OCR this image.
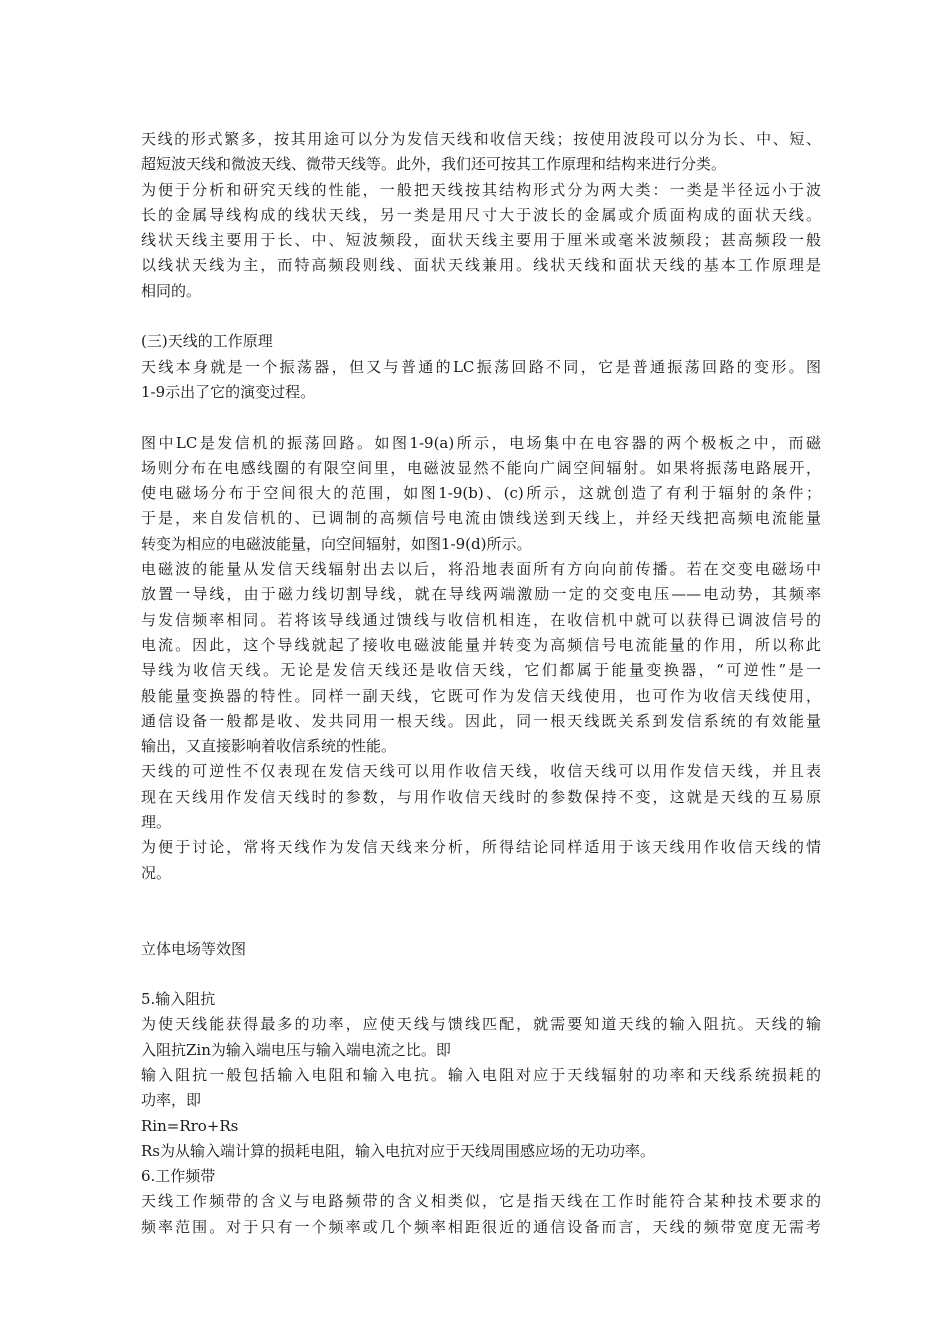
天线的形式繁多，按其用途可以分为发信天线和收信天线；按使用波段可以分为长、中、短、
超短波天线和微波天线、微带天线等。此外，我们还可按其工作原理和结构来进行分类。
为便于分析和研究天线的性能，一般把天线按其结构形式分为两大类：一类是半径远小于波
长的金属导线构成的线状天线，另一类是用尺寸大于波长的金属或介质面构成的面状天线。
线状天线主要用于长、中、短波频段，面状天线主要用于厘米或毫米波频段；甚高频段一般
以线状天线为主，而特高频段则线、面状天线兼用。线状天线和面状天线的基本工作原理是
相同的。
(三)天线的工作原理
天线本身就是一个振荡器，但又与普通的LC振荡回路不同，它是普通振荡回路的变形。图
1-9示出了它的演变过程。
图中LC是发信机的振荡回路。如图1-9(a)所示，电场集中在电容器的两个极板之中，而磁
场则分布在电感线圈的有限空间里，电磁波显然不能向广阔空间辐射。如果将振荡电路展开，
使电磁场分布于空间很大的范围，如图1-9(b)、(c)所示，这就创造了有利于辐射的条件；
于是，来自发信机的、已调制的高频信号电流由馈线送到天线上，并经天线把高频电流能量
转变为相应的电磁波能量，向空间辐射，如图1-9(d)所示。
电磁波的能量从发信天线辐射出去以后，将沿地表面所有方向向前传播。若在交变电磁场中
放置一导线，由于磁力线切割导线，就在导线两端激励一定的交变电压——电动势，其频率
与发信频率相同。若将该导线通过馈线与收信机相连，在收信机中就可以获得已调波信号的
电流。因此，这个导线就起了接收电磁波能量并转变为高频信号电流能量的作用，所以称此
导线为收信天线。无论是发信天线还是收信天线，它们都属于能量变换器，“可逆性”是一
般能量变换器的特性。同样一副天线，它既可作为发信天线使用，也可作为收信天线使用，
通信设备一般都是收、发共同用一根天线。因此，同一根天线既关系到发信系统的有效能量
输出，又直接影响着收信系统的性能。
天线的可逆性不仅表现在发信天线可以用作收信天线，收信天线可以用作发信天线，并且表
现在天线用作发信天线时的参数，与用作收信天线时的参数保持不变，这就是天线的互易原
理。
为便于讨论，常将天线作为发信天线来分析，所得结论同样适用于该天线用作收信天线的情
况。
立体电场等效图
5.输入阻抗
为使天线能获得最多的功率，应使天线与馈线匹配，就需要知道天线的输入阻抗。天线的输
入阻抗Zin为输入端电压与输入端电流之比。即
输入阻抗一般包括输入电阻和输入电抗。输入电阻对应于天线辐射的功率和天线系统损耗的
功率，即
Rin=Rro+Rs
Rs为从输入端计算的损耗电阻，输入电抗对应于天线周围感应场的无功功率。
6.工作频带
天线工作频带的含义与电路频带的含义相类似，它是指天线在工作时能符合某种技术要求的
频率范围。对于只有一个频率或几个频率相距很近的通信设备而言，天线的频带宽度无需考
